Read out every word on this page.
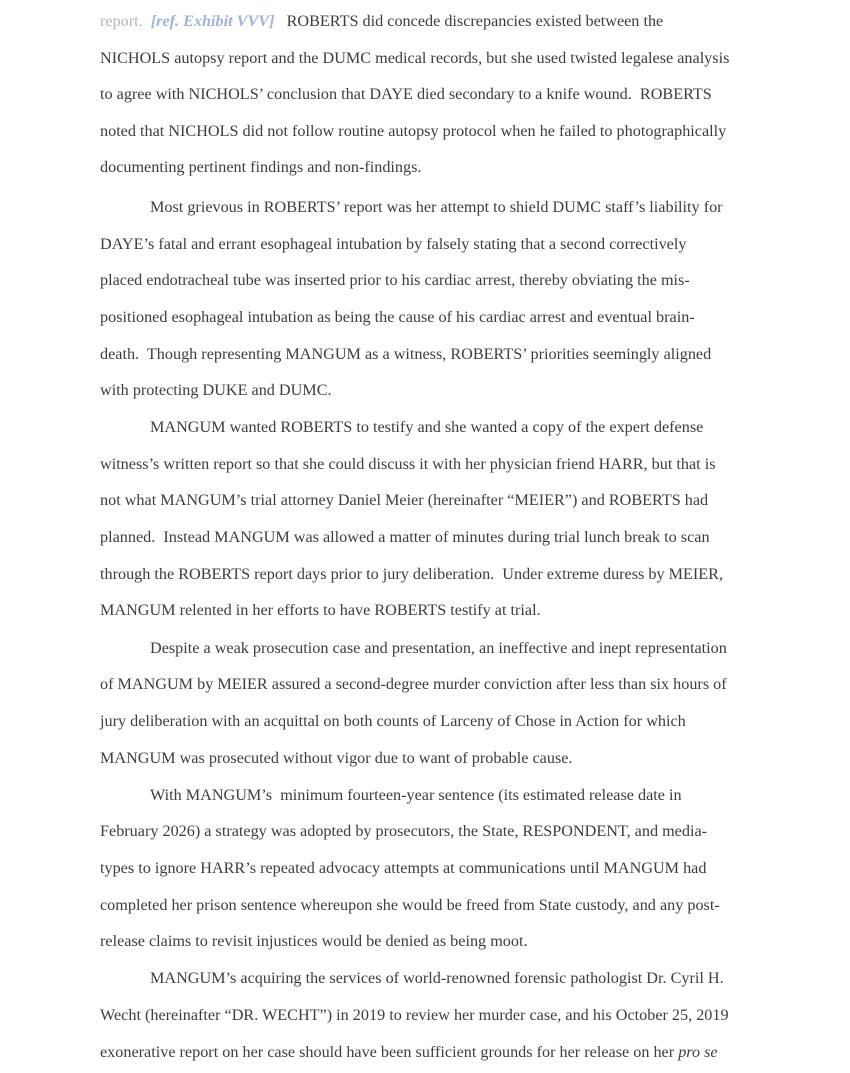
report.  [ref. Exhibit VVV]   ROBERTS did concede discrepancies existed between the
NICHOLS autopsy report and the DUMC medical records, but she used twisted legalese analysis
to agree with NICHOLS’ conclusion that DAYE died secondary to a knife wound.  ROBERTS
noted that NICHOLS did not follow routine autopsy protocol when he failed to photographically
documenting pertinent findings and non-findings.
Most grievous in ROBERTS’ report was her attempt to shield DUMC staff’s liability for
DAYE’s fatal and errant esophageal intubation by falsely stating that a second correctively
placed endotracheal tube was inserted prior to his cardiac arrest, thereby obviating the mis-
positioned esophageal intubation as being the cause of his cardiac arrest and eventual brain-
death.  Though representing MANGUM as a witness, ROBERTS’ priorities seemingly aligned
with protecting DUKE and DUMC.
MANGUM wanted ROBERTS to testify and she wanted a copy of the expert defense
witness’s written report so that she could discuss it with her physician friend HARR, but that is
not what MANGUM’s trial attorney Daniel Meier (hereinafter “MEIER”) and ROBERTS had
planned.  Instead MANGUM was allowed a matter of minutes during trial lunch break to scan
through the ROBERTS report days prior to jury deliberation.  Under extreme duress by MEIER,
MANGUM relented in her efforts to have ROBERTS testify at trial.
Despite a weak prosecution case and presentation, an ineffective and inept representation
of MANGUM by MEIER assured a second-degree murder conviction after less than six hours of
jury deliberation with an acquittal on both counts of Larceny of Chose in Action for which
MANGUM was prosecuted without vigor due to want of probable cause.
With MANGUM’s  minimum fourteen-year sentence (its estimated release date in
February 2026) a strategy was adopted by prosecutors, the State, RESPONDENT, and media-
types to ignore HARR’s repeated advocacy attempts at communications until MANGUM had
completed her prison sentence whereupon she would be freed from State custody, and any post-
release claims to revisit injustices would be denied as being moot.
MANGUM’s acquiring the services of world-renowned forensic pathologist Dr. Cyril H.
Wecht (hereinafter “DR. WECHT”) in 2019 to review her murder case, and his October 25, 2019
exonerative report on her case should have been sufficient grounds for her release on her pro se
